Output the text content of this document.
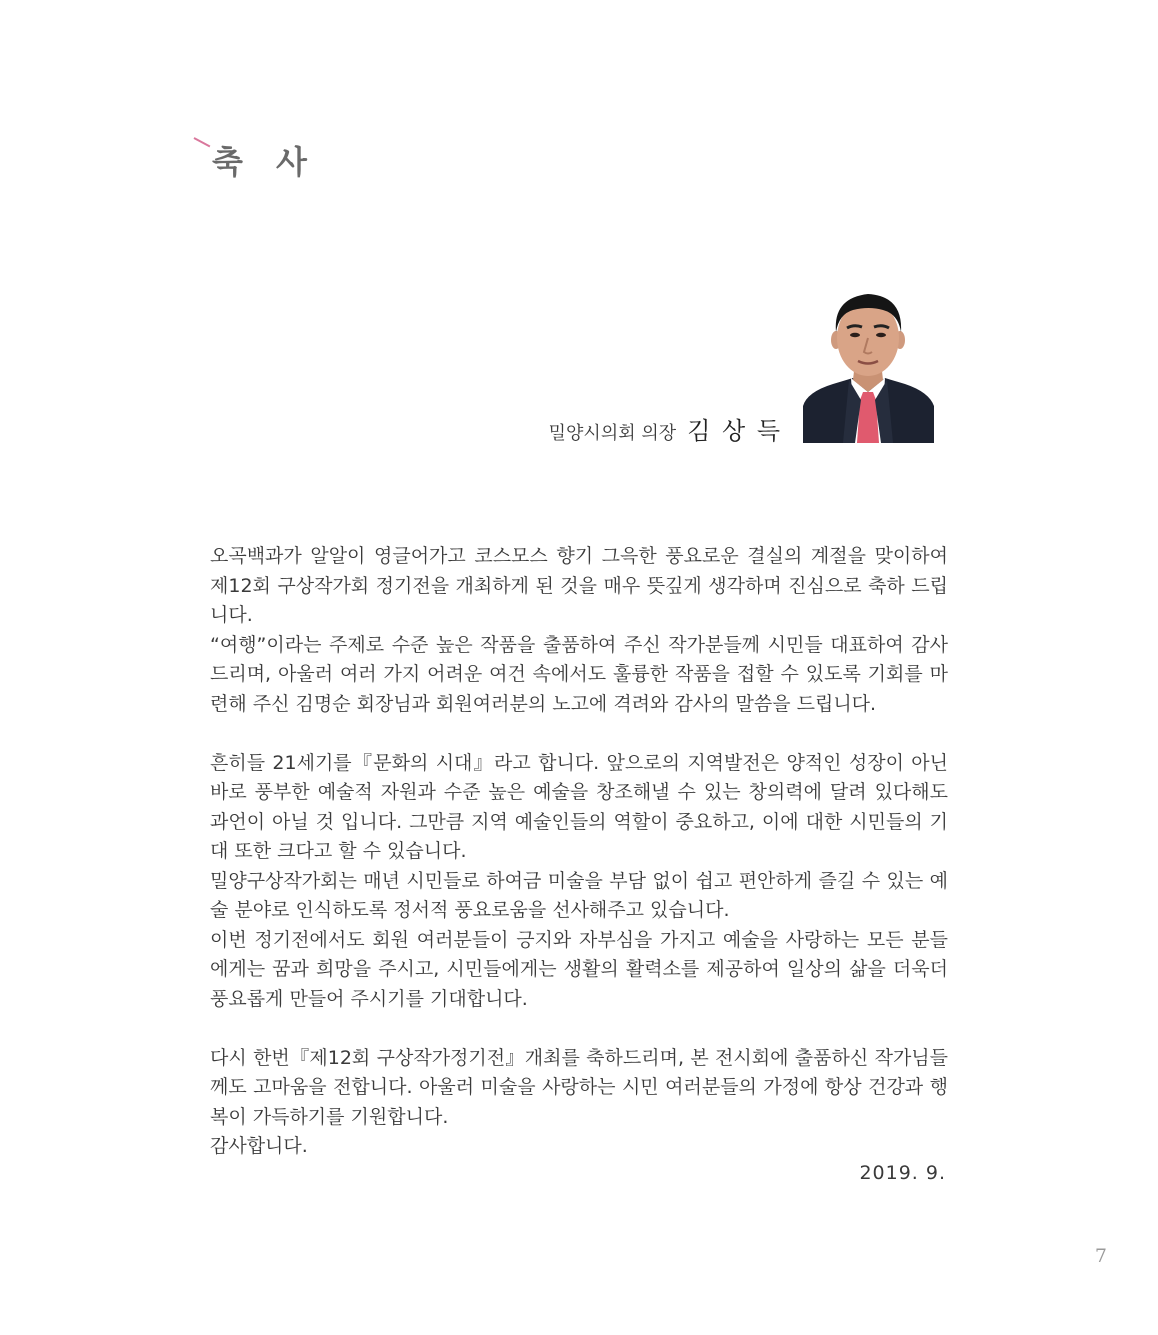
축 사
밀양시의회 의장 김 상 득

오곡백과가 알알이 영글어가고 코스모스 향기 그윽한 풍요로운 결실의 계절을 맞이하여 제12회 구상작가회 정기전을 개최하게 된 것을 매우 뜻깊게 생각하며 진심으로 축하 드립니다.
“여행”이라는 주제로 수준 높은 작품을 출품하여 주신 작가분들께 시민들 대표하여 감사드리며, 아울러 여러 가지 어려운 여건 속에서도 훌륭한 작품을 접할 수 있도록 기회를 마련해 주신 김명순 회장님과 회원여러분의 노고에 격려와 감사의 말씀을 드립니다.

흔히들 21세기를『문화의 시대』라고 합니다. 앞으로의 지역발전은 양적인 성장이 아닌 바로 풍부한 예술적 자원과 수준 높은 예술을 창조해낼 수 있는 창의력에 달려 있다해도 과언이 아닐 것 입니다. 그만큼 지역 예술인들의 역할이 중요하고, 이에 대한 시민들의 기대 또한 크다고 할 수 있습니다.
밀양구상작가회는 매년 시민들로 하여금 미술을 부담 없이 쉽고 편안하게 즐길 수 있는 예술 분야로 인식하도록 정서적 풍요로움을 선사해주고 있습니다.
이번 정기전에서도 회원 여러분들이 긍지와 자부심을 가지고 예술을 사랑하는 모든 분들에게는 꿈과 희망을 주시고, 시민들에게는 생활의 활력소를 제공하여 일상의 삶을 더욱더 풍요롭게 만들어 주시기를 기대합니다.

다시 한번『제12회 구상작가정기전』개최를 축하드리며, 본 전시회에 출품하신 작가님들께도 고마움을 전합니다. 아울러 미술을 사랑하는 시민 여러분들의 가정에 항상 건강과 행복이 가득하기를 기원합니다.
감사합니다.

2019. 9.
7
